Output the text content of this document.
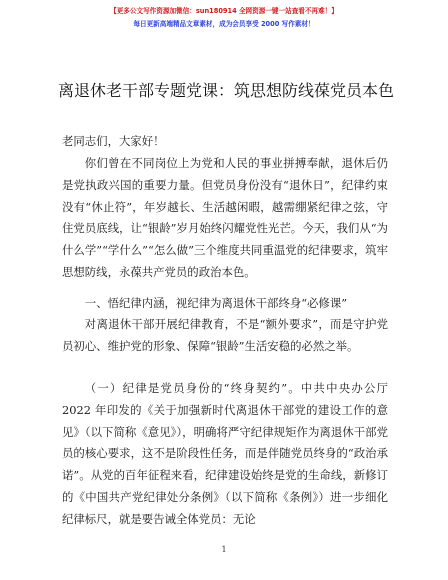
【更多公文写作资源加微信：sun180914 全网资源一键一站查看不再难！】
每日更新高端精品文章素材，成为会员享受 2000 写作素材！
离退休老干部专题党课：筑思想防线葆党员本色

老同志们，大家好！

你们曾在不同岗位上为党和人民的事业拼搏奉献，退休后仍是党执政兴国的重要力量。但党员身份没有“退休日”，纪律约束没有“休止符”，年岁越长、生活越闲暇，越需绷紧纪律之弦，守住党员底线，让“银龄”岁月始终闪耀党性光芒。今天，我们从“为什么学”“学什么”“怎么做”三个维度共同重温党的纪律要求，筑牢思想防线，永葆共产党员的政治本色。

一、悟纪律内涵，视纪律为离退休干部终身“必修课”

对离退休干部开展纪律教育，不是“额外要求”，而是守护党员初心、维护党的形象、保障“银龄”生活安稳的必然之举。

（一）纪律是党员身份的“终身契约”。中共中央办公厅 2022 年印发的《关于加强新时代离退休干部党的建设工作的意见》（以下简称《意见》），明确将严守纪律规矩作为离退休干部党员的核心要求，这不是阶段性任务，而是伴随党员终身的“政治承诺”。从党的百年征程来看，纪律建设始终是党的生命线，新修订的《中国共产党纪律处分条例》（以下简称《条例》）进一步细化纪律标尺，就是要告诫全体党员：无论

1
